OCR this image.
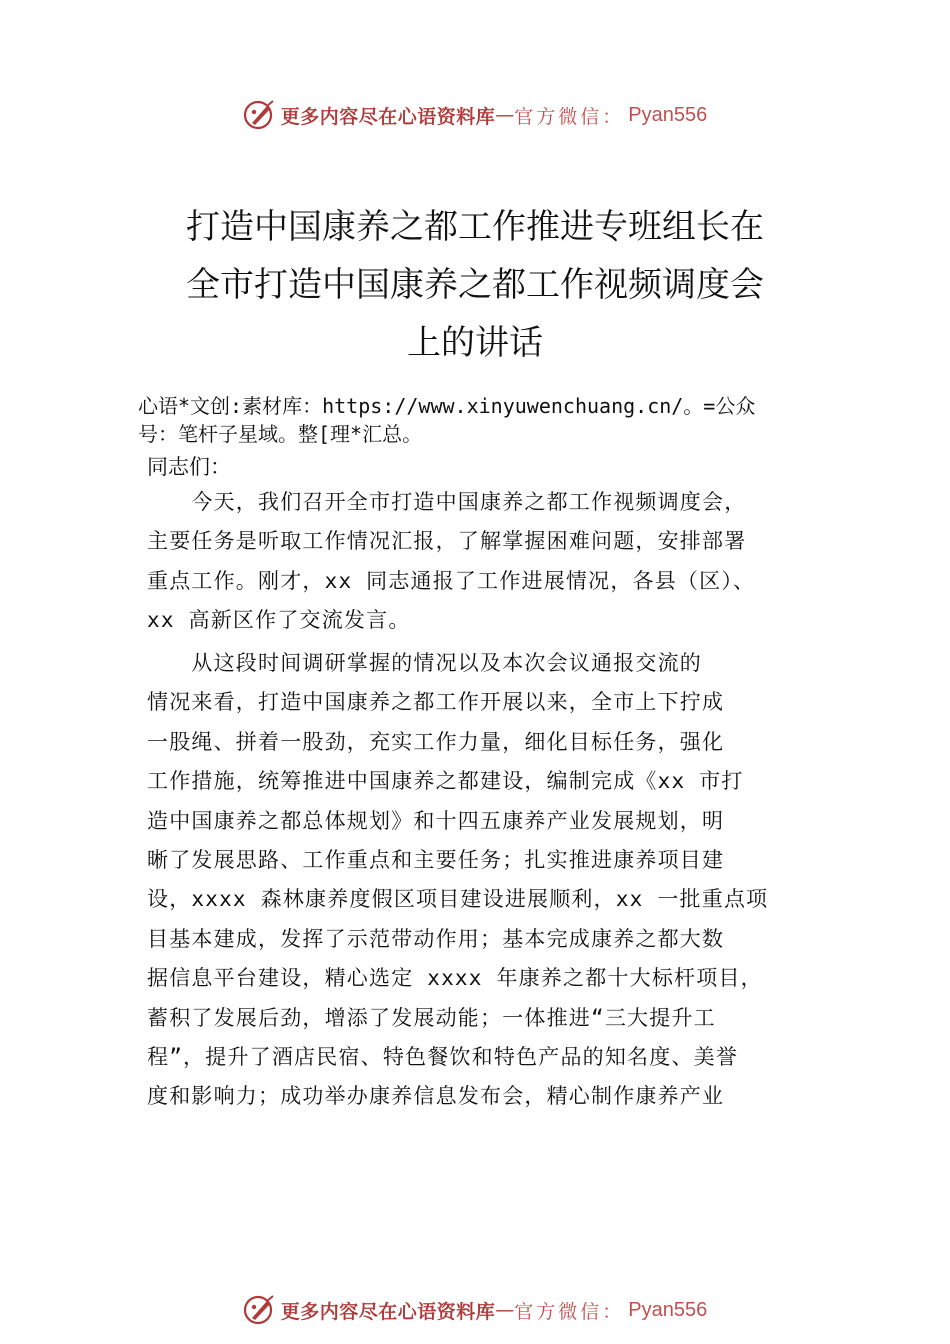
更多内容尽在心语资料库 — 官方微信： Pyan556
打造中国康养之都工作推进专班组长在
全市打造中国康养之都工作视频调度会
上的讲话
心语*文创:素材库：https://www.xinyuwenchuang.cn/。=公众
号：笔杆子星域。整[理*汇总。
同志们：
　　今天，我们召开全市打造中国康养之都工作视频调度会，
主要任务是听取工作情况汇报，了解掌握困难问题，安排部署
重点工作。刚才，xx 同志通报了工作进展情况，各县（区）、
xx 高新区作了交流发言。
　　从这段时间调研掌握的情况以及本次会议通报交流的
情况来看，打造中国康养之都工作开展以来，全市上下拧成
一股绳、拼着一股劲，充实工作力量，细化目标任务，强化
工作措施，统筹推进中国康养之都建设，编制完成《xx 市打
造中国康养之都总体规划》和十四五康养产业发展规划，明
晰了发展思路、工作重点和主要任务；扎实推进康养项目建
设，xxxx 森林康养度假区项目建设进展顺利，xx 一批重点项
目基本建成，发挥了示范带动作用；基本完成康养之都大数
据信息平台建设，精心选定 xxxx 年康养之都十大标杆项目，
蓄积了发展后劲，增添了发展动能；一体推进“三大提升工
程”，提升了酒店民宿、特色餐饮和特色产品的知名度、美誉
度和影响力；成功举办康养信息发布会，精心制作康养产业
更多内容尽在心语资料库 — 官方微信： Pyan556
